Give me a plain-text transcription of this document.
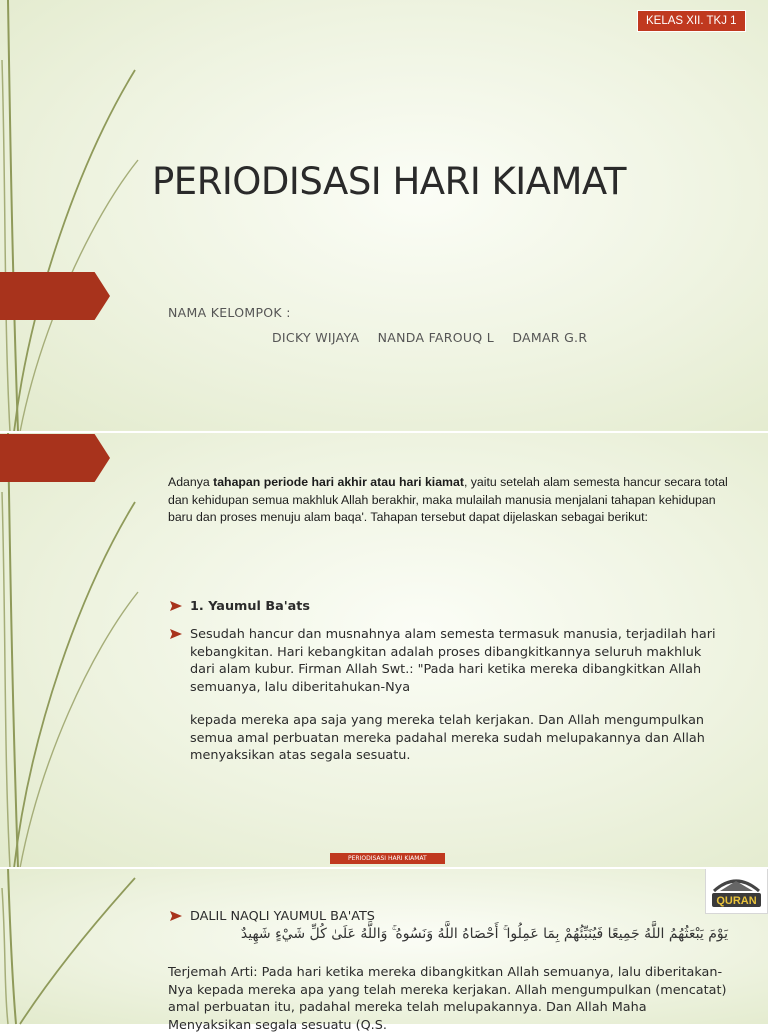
KELAS XII. TKJ 1
PERIODISASI HARI KIAMAT
NAMA KELOMPOK :
DICKY WIJAYA NANDA FAROUQ L DAMAR G.R
Adanya tahapan periode hari akhir atau hari kiamat, yaitu setelah alam semesta hancur secara total dan kehidupan semua makhluk Allah berakhir, maka mulailah manusia menjalani tahapan kehidupan baru dan proses menuju alam baqa'. Tahapan tersebut dapat dijelaskan sebagai berikut:
1. Yaumul Ba'ats

Sesudah hancur dan musnahnya alam semesta termasuk manusia, terjadilah hari kebangkitan. Hari kebangkitan adalah proses dibangkitkannya seluruh makhluk dari alam kubur. Firman Allah Swt.: "Pada hari ketika mereka dibangkitkan Allah semuanya, lalu diberitahukan-Nya

kepada mereka apa saja yang mereka telah kerjakan. Dan Allah mengumpulkan semua amal perbuatan mereka padahal mereka sudah melupakannya dan Allah menyaksikan atas segala sesuatu.

PERIODISASI HARI KIAMAT
QURAN
DALIL NAQLI YAUMUL BA'ATS
يَوْمَ يَبْعَثُهُمُ اللَّهُ جَمِيعًا فَيُنَبِّئُهُمْ بِمَا عَمِلُوا ۚ أَحْصَاهُ اللَّهُ وَنَسُوهُ ۚ وَاللَّهُ عَلَىٰ كُلِّ شَيْءٍ شَهِيدٌ
Terjemah Arti: Pada hari ketika mereka dibangkitkan Allah semuanya, lalu diberitakan-Nya kepada mereka apa yang telah mereka kerjakan. Allah mengumpulkan (mencatat) amal perbuatan itu, padahal mereka telah melupakannya. Dan Allah Maha Menyaksikan segala sesuatu (Q.S.
